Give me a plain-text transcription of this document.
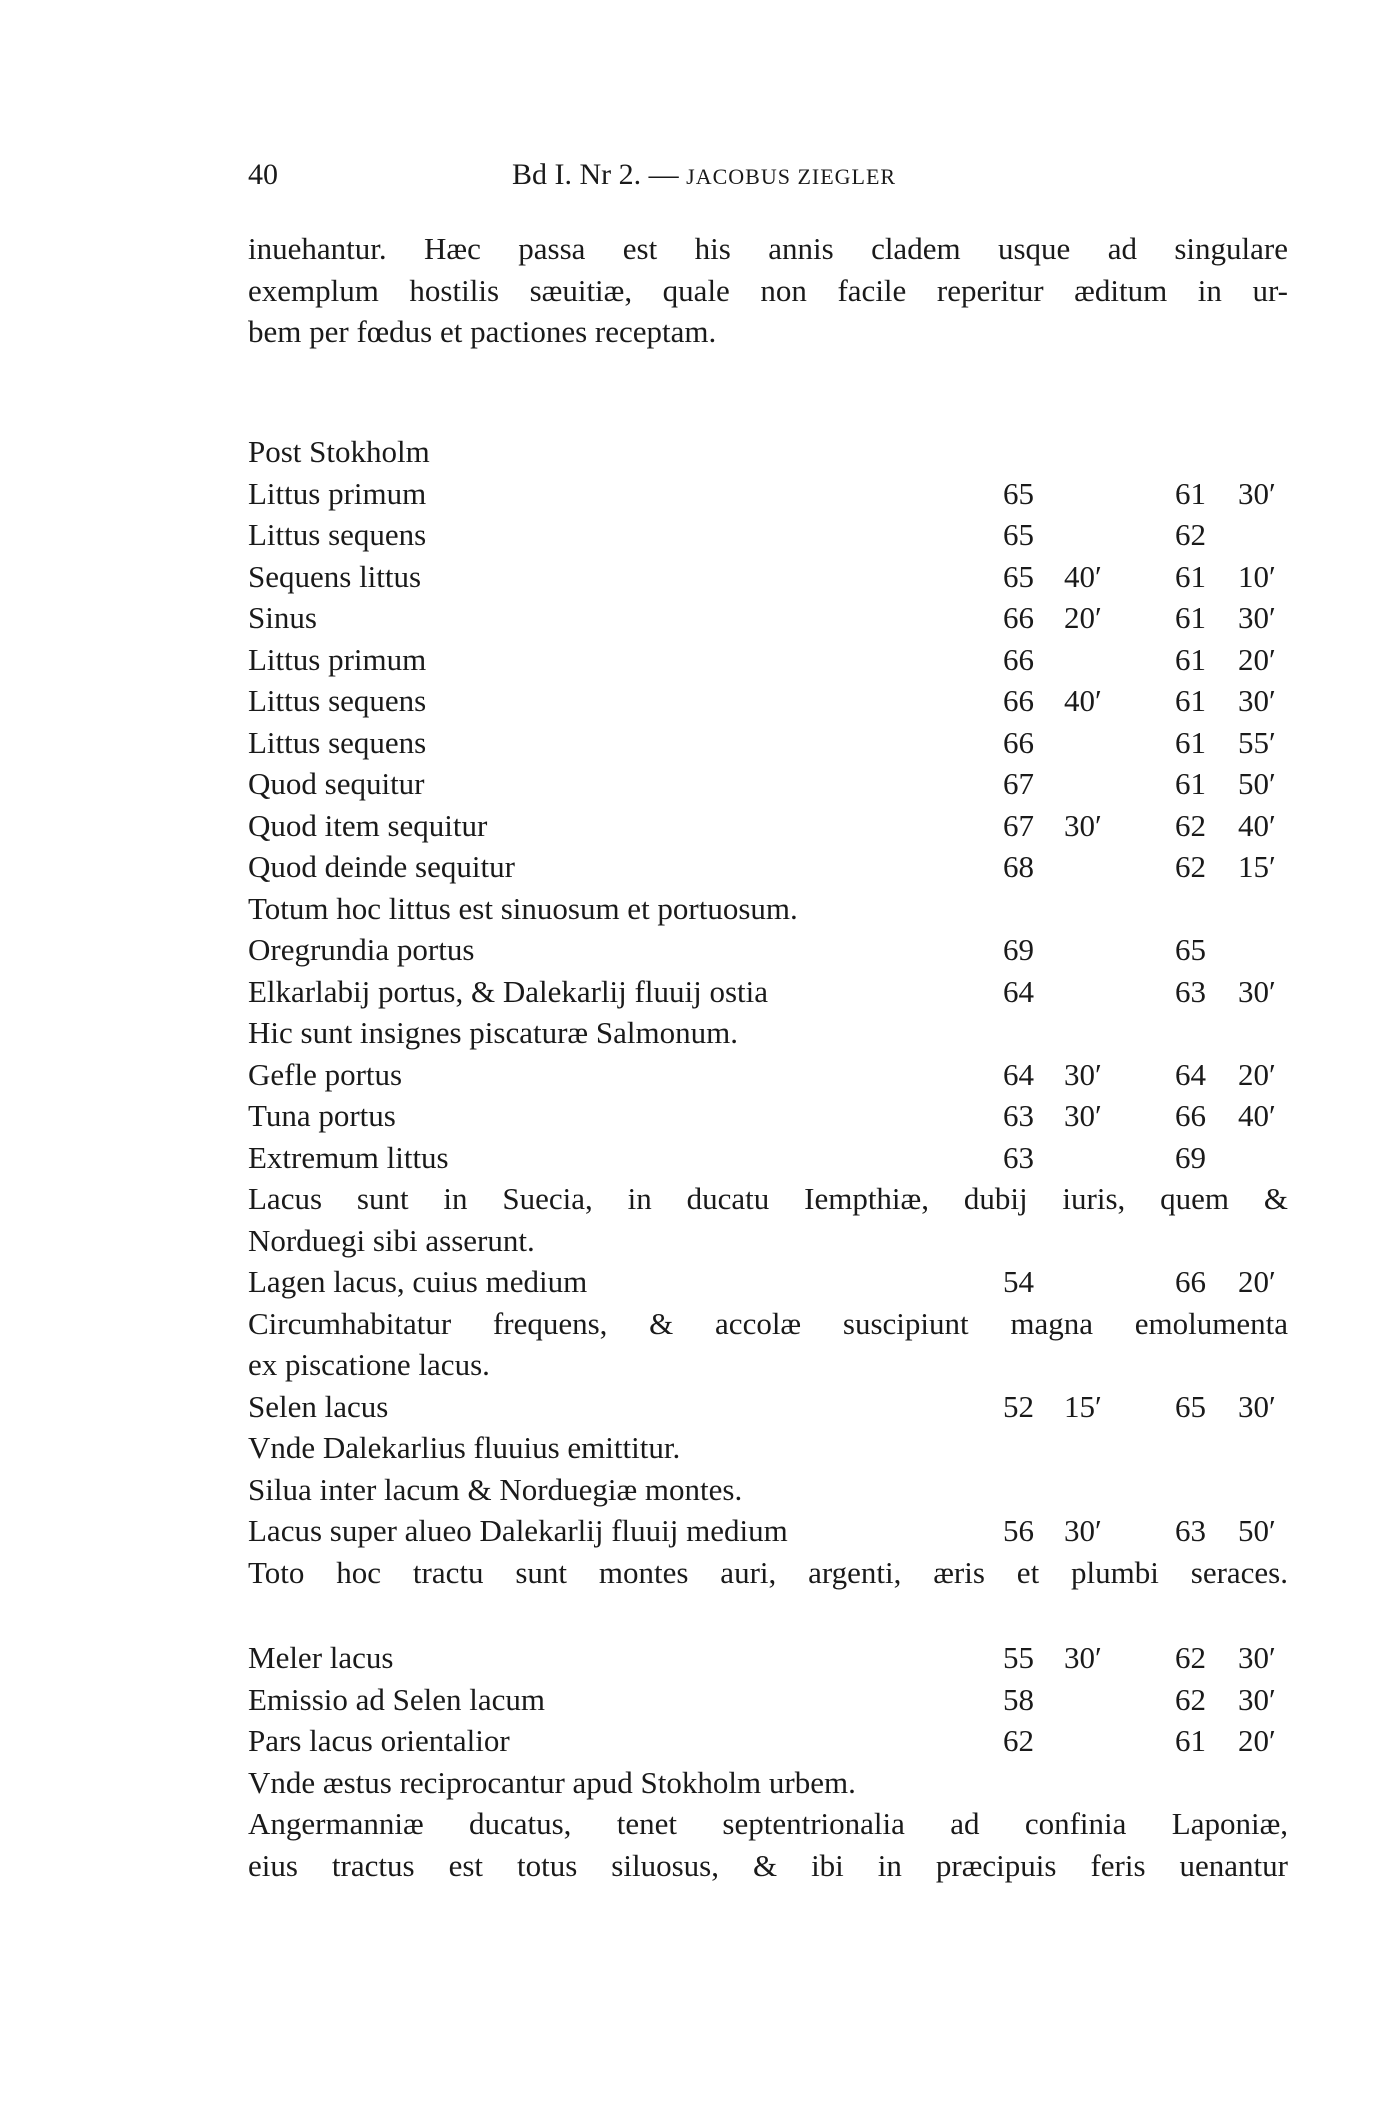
40	Bd I. Nr 2. — JACOBUS ZIEGLER
inuehantur. Hæc passa est his annis cladem usque ad singulare
exemplum hostilis sæuitiæ, quale non facile reperitur æditum in ur-
bem per fœdus et pactiones receptam.
Post Stokholm
Littus primum	65	61 30′
Littus sequens	65	62
Sequens littus	65 40′ 61 10′
Sinus	66 20′ 61 30′
Littus primum	66	61 20′
Littus sequens	66 40′ 61 30′
Littus sequens	66	61 55′
Quod sequitur	67	61 50′
Quod item sequitur	67 30′ 62 40′
Quod deinde sequitur	68	62 15′
Totum hoc littus est sinuosum et portuosum.
Oregrundia portus	69	65
Elkarlabij portus, & Dalekarlij fluuij ostia	64	63 30′
Hic sunt insignes piscaturæ Salmonum.
Gefle portus	64 30′ 64 20′
Tuna portus	63 30′ 66 40′
Extremum littus	63	69
Lacus sunt in Suecia, in ducatu Iempthiæ, dubij iuris, quem &
Norduegi sibi asserunt.
Lagen lacus, cuius medium	54	66 20′
Circumhabitatur frequens, & accolæ suscipiunt magna emolumenta
ex piscatione lacus.
Selen lacus	52 15′ 65 30′
Vnde Dalekarlius fluuius emittitur.
Silua inter lacum & Norduegiæ montes.
Lacus super alueo Dalekarlij fluuij medium	56 30′ 63 50′
Toto hoc tractu sunt montes auri, argenti, æris et plumbi seraces.
Meler lacus	55 30′ 62 30′
Emissio ad Selen lacum	58	62 30′
Pars lacus orientalior	62	61 20′
Vnde æstus reciprocantur apud Stokholm urbem.
Angermanniæ ducatus, tenet septentrionalia ad confinia Laponiæ,
eius tractus est totus siluosus, & ibi in præcipuis feris uenantur
